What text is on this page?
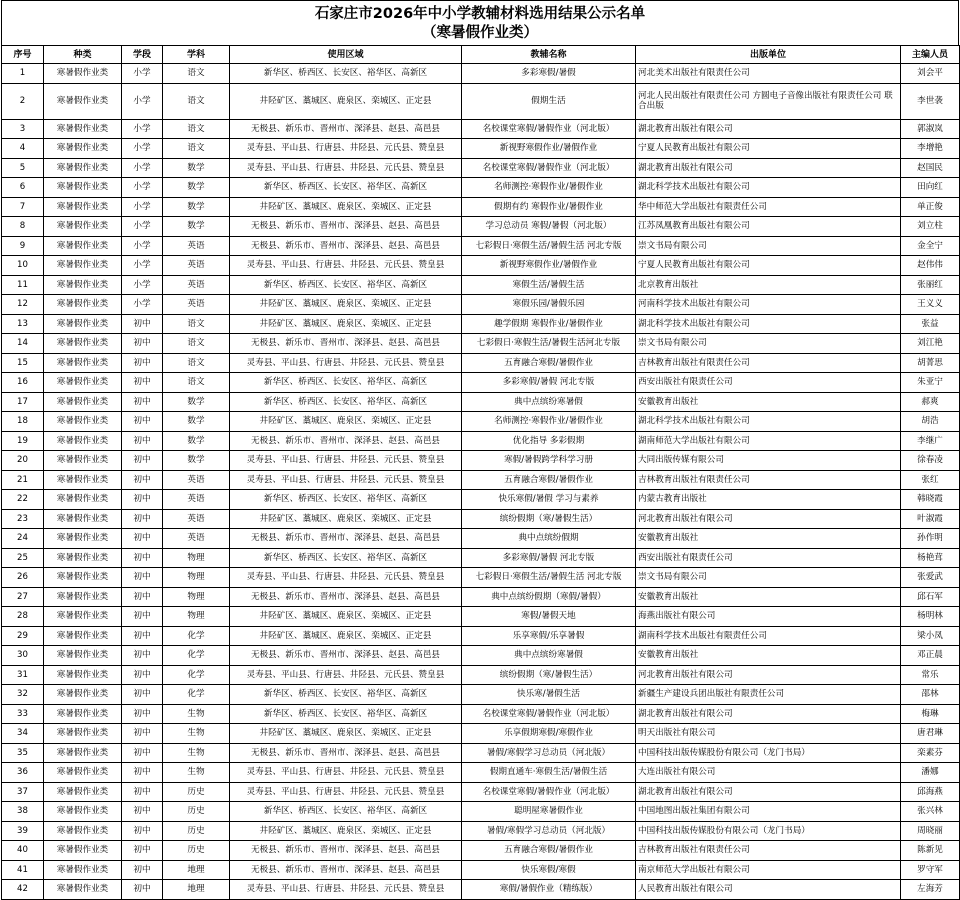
石家庄市2026年中小学教辅材料选用结果公示名单
（寒暑假作业类）
序号	种类	学段	学科	使用区域	教辅名称	出版单位	主编人员
1	寒暑假作业类	小学	语文	新华区、桥西区、长安区、裕华区、高新区	多彩寒假/暑假	河北美术出版社有限责任公司	刘会平
2	寒暑假作业类	小学	语文	井陉矿区、藁城区、鹿泉区、栾城区、正定县	假期生活	河北人民出版社有限责任公司 方圆电子音像出版社有限责任公司 联合出版	李世袭
3	寒暑假作业类	小学	语文	无极县、新乐市、晋州市、深泽县、赵县、高邑县	名校课堂寒假/暑假作业（河北版）	湖北教育出版社有限公司	郭淑岚
4	寒暑假作业类	小学	语文	灵寿县、平山县、行唐县、井陉县、元氏县、赞皇县	新视野寒假作业/暑假作业	宁夏人民教育出版社有限公司	李增艳
5	寒暑假作业类	小学	数学	灵寿县、平山县、行唐县、井陉县、元氏县、赞皇县	名校课堂寒假/暑假作业（河北版）	湖北教育出版社有限公司	赵国民
6	寒暑假作业类	小学	数学	新华区、桥西区、长安区、裕华区、高新区	名师测控·寒假作业/暑假作业	湖北科学技术出版社有限公司	田向红
7	寒暑假作业类	小学	数学	井陉矿区、藁城区、鹿泉区、栾城区、正定县	假期有约 寒假作业/暑假作业	华中师范大学出版社有限责任公司	单正俊
8	寒暑假作业类	小学	数学	无极县、新乐市、晋州市、深泽县、赵县、高邑县	学习总动员 寒假/暑假（河北版）	江苏凤凰教育出版社有限公司	刘立柱
9	寒暑假作业类	小学	英语	无极县、新乐市、晋州市、深泽县、赵县、高邑县	七彩假日·寒假生活/暑假生活 河北专版	崇文书局有限公司	金全宁
10	寒暑假作业类	小学	英语	灵寿县、平山县、行唐县、井陉县、元氏县、赞皇县	新视野寒假作业/暑假作业	宁夏人民教育出版社有限公司	赵伟伟
11	寒暑假作业类	小学	英语	新华区、桥西区、长安区、裕华区、高新区	寒假生活/暑假生活	北京教育出版社	张丽红
12	寒暑假作业类	小学	英语	井陉矿区、藁城区、鹿泉区、栾城区、正定县	寒假乐园/暑假乐园	河南科学技术出版社有限公司	王义义
13	寒暑假作业类	初中	语文	井陉矿区、藁城区、鹿泉区、栾城区、正定县	趣学假期 寒假作业/暑假作业	湖北科学技术出版社有限公司	张益
14	寒暑假作业类	初中	语文	无极县、新乐市、晋州市、深泽县、赵县、高邑县	七彩假日·寒假生活/暑假生活河北专版	崇文书局有限公司	刘江艳
15	寒暑假作业类	初中	语文	灵寿县、平山县、行唐县、井陉县、元氏县、赞皇县	五育融合寒假/暑假作业	吉林教育出版社有限责任公司	胡菁思
16	寒暑假作业类	初中	语文	新华区、桥西区、长安区、裕华区、高新区	多彩寒假/暑假 河北专版	西安出版社有限责任公司	朱亚宁
17	寒暑假作业类	初中	数学	新华区、桥西区、长安区、裕华区、高新区	典中点缤纷寒暑假	安徽教育出版社	郝爽
18	寒暑假作业类	初中	数学	井陉矿区、藁城区、鹿泉区、栾城区、正定县	名师测控·寒假作业/暑假作业	湖北科学技术出版社有限公司	胡浩
19	寒暑假作业类	初中	数学	无极县、新乐市、晋州市、深泽县、赵县、高邑县	优化指导 多彩假期	湖南师范大学出版社有限公司	李继广
20	寒暑假作业类	初中	数学	灵寿县、平山县、行唐县、井陉县、元氏县、赞皇县	寒假/暑假跨学科学习册	大同出版传媒有限公司	徐春凌
21	寒暑假作业类	初中	英语	灵寿县、平山县、行唐县、井陉县、元氏县、赞皇县	五育融合寒假/暑假作业	吉林教育出版社有限责任公司	张红
22	寒暑假作业类	初中	英语	新华区、桥西区、长安区、裕华区、高新区	快乐寒假/暑假 学习与素养	内蒙古教育出版社	韩晓霞
23	寒暑假作业类	初中	英语	井陉矿区、藁城区、鹿泉区、栾城区、正定县	缤纷假期（寒/暑假生活）	河北教育出版社有限公司	叶淑霞
24	寒暑假作业类	初中	英语	无极县、新乐市、晋州市、深泽县、赵县、高邑县	典中点缤纷假期	安徽教育出版社	孙作明
25	寒暑假作业类	初中	物理	新华区、桥西区、长安区、裕华区、高新区	多彩寒假/暑假 河北专版	西安出版社有限责任公司	杨艳茸
26	寒暑假作业类	初中	物理	灵寿县、平山县、行唐县、井陉县、元氏县、赞皇县	七彩假日·寒假生活/暑假生活 河北专版	崇文书局有限公司	张爱武
27	寒暑假作业类	初中	物理	无极县、新乐市、晋州市、深泽县、赵县、高邑县	典中点缤纷假期（寒假/暑假）	安徽教育出版社	邱石军
28	寒暑假作业类	初中	物理	井陉矿区、藁城区、鹿泉区、栾城区、正定县	寒假/暑假天地	海燕出版社有限公司	杨明林
29	寒暑假作业类	初中	化学	井陉矿区、藁城区、鹿泉区、栾城区、正定县	乐享寒假/乐享暑假	湖南科学技术出版社有限责任公司	梁小凤
30	寒暑假作业类	初中	化学	无极县、新乐市、晋州市、深泽县、赵县、高邑县	典中点缤纷寒暑假	安徽教育出版社	邓正晨
31	寒暑假作业类	初中	化学	灵寿县、平山县、行唐县、井陉县、元氏县、赞皇县	缤纷假期（寒/暑假生活）	河北教育出版社有限公司	常乐
32	寒暑假作业类	初中	化学	新华区、桥西区、长安区、裕华区、高新区	快乐寒/暑假生活	新疆生产建设兵团出版社有限责任公司	邵林
33	寒暑假作业类	初中	生物	新华区、桥西区、长安区、裕华区、高新区	名校课堂寒假/暑假作业（河北版）	湖北教育出版社有限公司	梅琳
34	寒暑假作业类	初中	生物	井陉矿区、藁城区、鹿泉区、栾城区、正定县	乐享假期寒假/寒假作业	明天出版社有限公司	唐君琳
35	寒暑假作业类	初中	生物	无极县、新乐市、晋州市、深泽县、赵县、高邑县	暑假/寒假学习总动员（河北版）	中国科技出版传媒股份有限公司（龙门书局）	栾素芬
36	寒暑假作业类	初中	生物	灵寿县、平山县、行唐县、井陉县、元氏县、赞皇县	假期直通车·寒假生活/暑假生活	大连出版社有限公司	潘娜
37	寒暑假作业类	初中	历史	灵寿县、平山县、行唐县、井陉县、元氏县、赞皇县	名校课堂寒假/暑假作业（河北版）	湖北教育出版社有限公司	邱海燕
38	寒暑假作业类	初中	历史	新华区、桥西区、长安区、裕华区、高新区	聪明屋寒暑假作业	中国地图出版社集团有限公司	张兴林
39	寒暑假作业类	初中	历史	井陉矿区、藁城区、鹿泉区、栾城区、正定县	暑假/寒假学习总动员（河北版）	中国科技出版传媒股份有限公司（龙门书局）	周晓丽
40	寒暑假作业类	初中	历史	无极县、新乐市、晋州市、深泽县、赵县、高邑县	五育融合寒假/暑假作业	吉林教育出版社有限责任公司	陈新见
41	寒暑假作业类	初中	地理	无极县、新乐市、晋州市、深泽县、赵县、高邑县	快乐寒假/寒假	南京师范大学出版社有限公司	罗守军
42	寒暑假作业类	初中	地理	灵寿县、平山县、行唐县、井陉县、元氏县、赞皇县	寒假/暑假作业（精练版）	人民教育出版社有限公司	左海芳
